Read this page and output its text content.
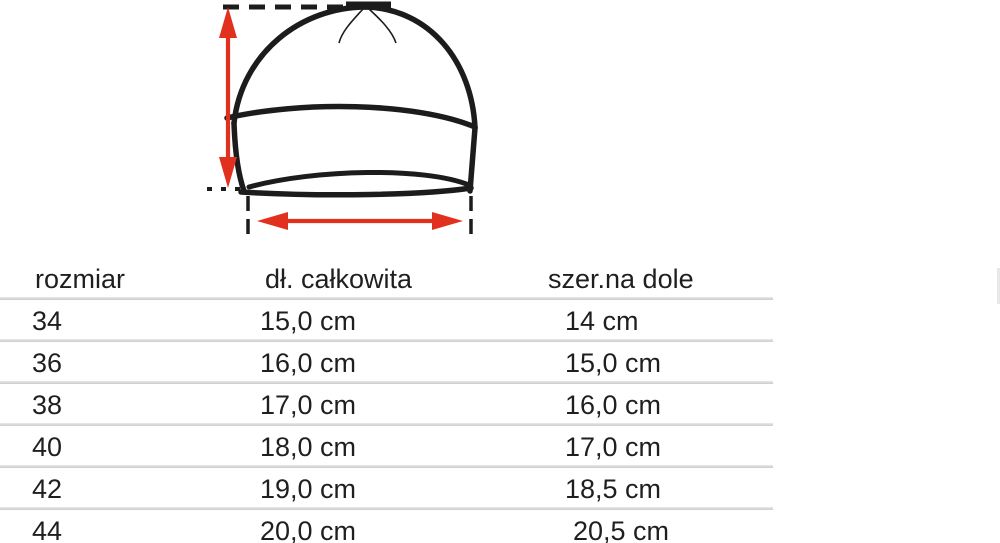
rozmiar	dł. całkowita	szer.na dole
34	15,0 cm	14 cm
36	16,0 cm	15,0 cm
38	17,0 cm	16,0 cm
40	18,0 cm	17,0 cm
42	19,0 cm	18,5 cm
44	20,0 cm	20,5 cm
